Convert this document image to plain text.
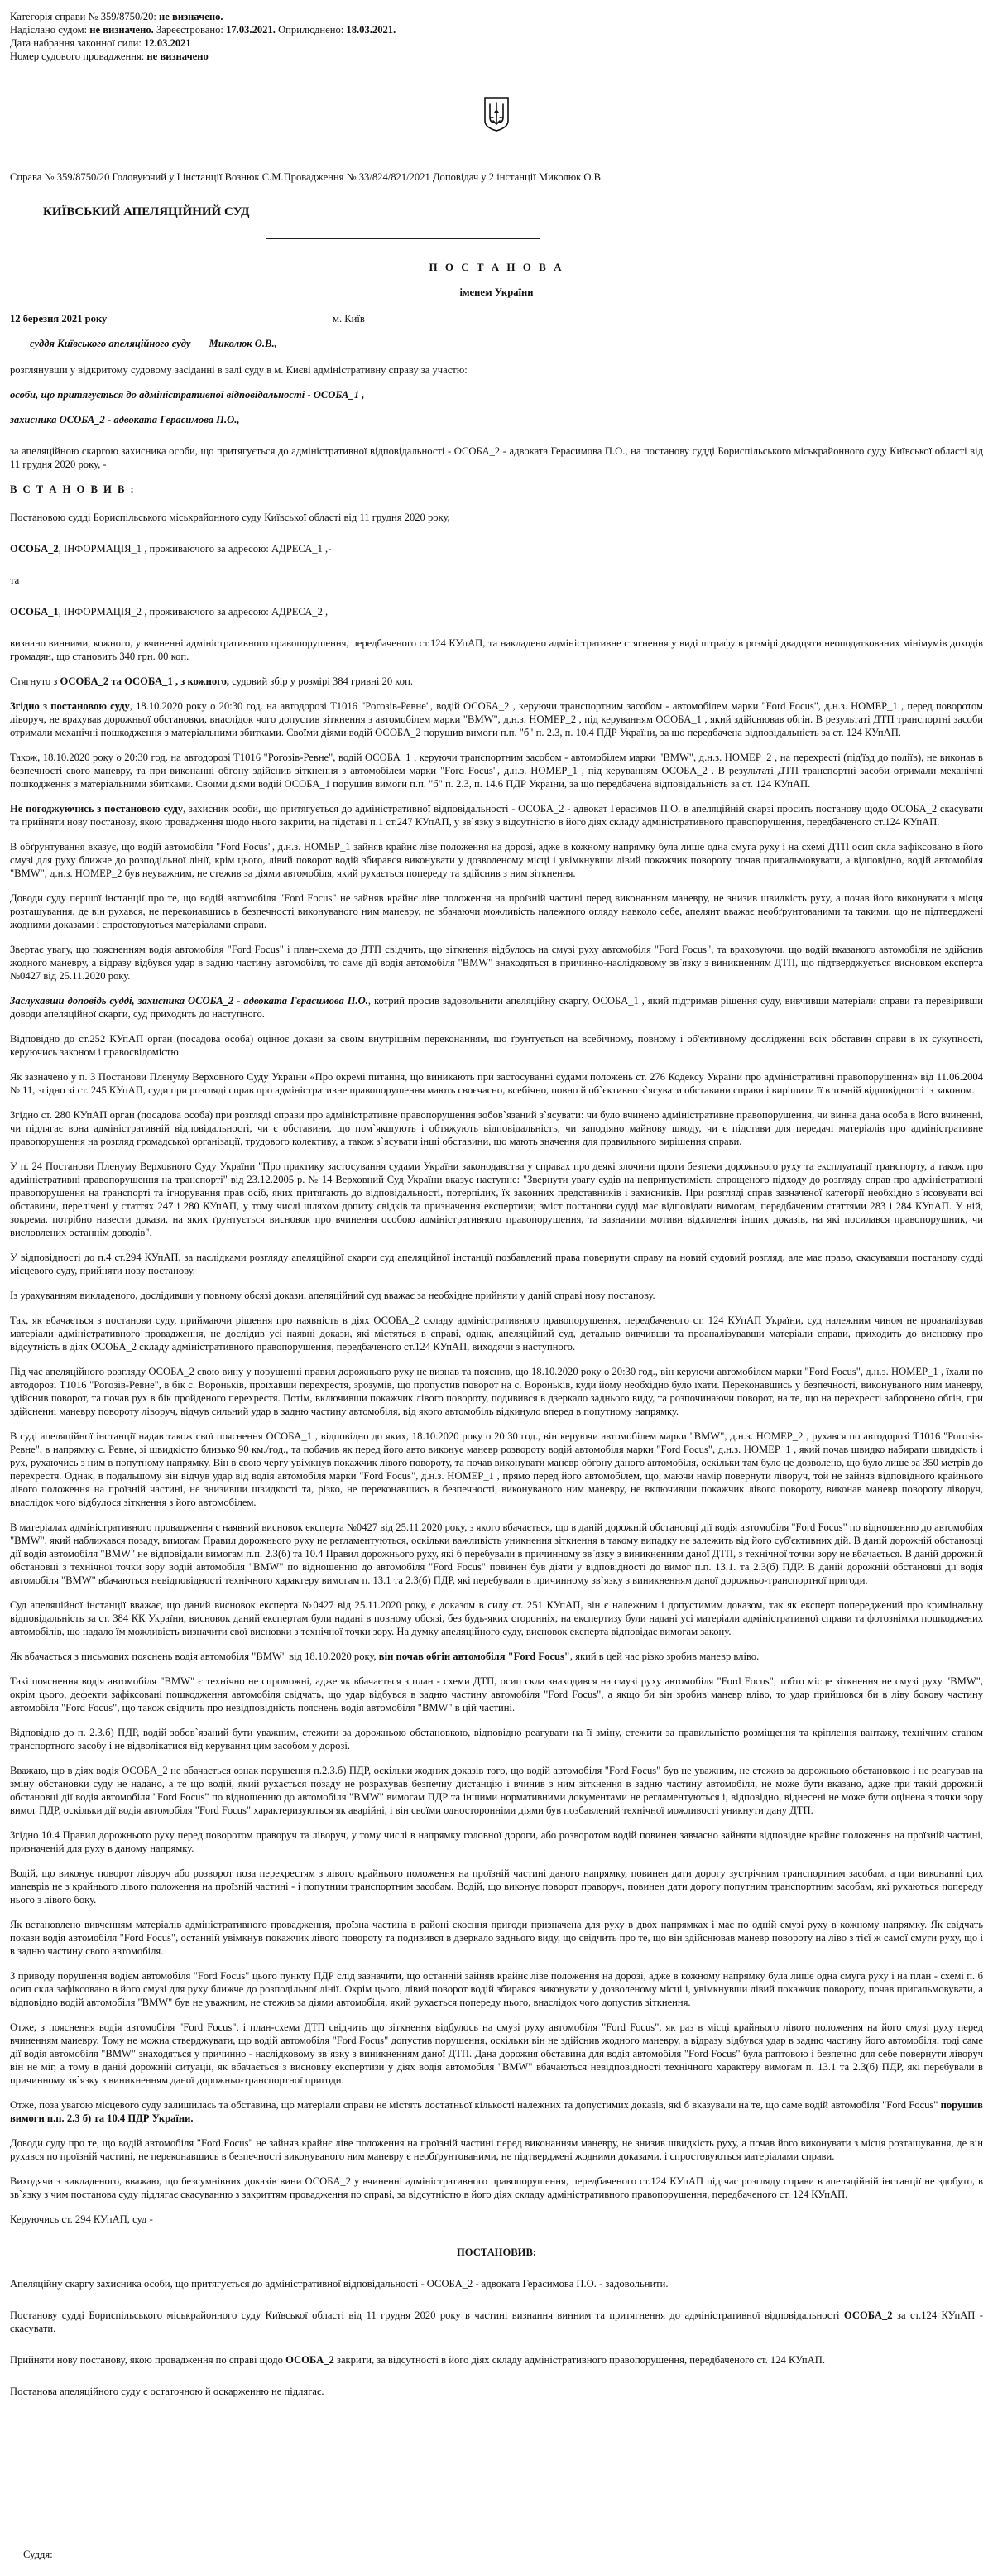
Категорія справи № 359/8750/20: не визначено.
Надіслано судом: не визначено. Зареєстровано: 17.03.2021. Оприлюднено: 18.03.2021.
Дата набрання законної сили: 12.03.2021
Номер судового провадження: не визначено
Справа № 359/8750/20 Головуючий у І інстанції Вознюк С.М.Провадження № 33/824/821/2021 Доповідач у 2 інстанції Миколюк О.В.
КИЇВСЬКИЙ АПЕЛЯЦІЙНИЙ СУД
П О С Т А Н О В А
іменем України
12 березня 2021 року	м. Київ
суддя Київського апеляційного суду Миколюк О.В.,

розглянувши у відкритому судовому засіданні в залі суду в м. Києві адміністративну справу за участю:

особи, що притягується до адміністративної відповідальності - ОСОБА_1 ,

захисника ОСОБА_2 - адвоката Герасимова П.О.,

за апеляційною скаргою захисника особи, що притягується до адміністративної відповідальності - ОСОБА_2 - адвоката Герасимова П.О., на постанову судді Бориспільського міськрайонного суду Київської області від 11 грудня 2020 року, -

В С Т А Н О В И В :

Постановою судді Бориспільського міськрайонного суду Київської області від 11 грудня 2020 року,

ОСОБА_2, ІНФОРМАЦІЯ_1 , проживаючого за адресою: АДРЕСА_1 ,-

та

ОСОБА_1, ІНФОРМАЦІЯ_2 , проживаючого за адресою: АДРЕСА_2 ,

визнано винними, кожного, у вчиненні адміністративного правопорушення, передбаченого ст.124 КУпАП, та накладено адміністративне стягнення у виді штрафу в розмірі двадцяти неоподаткованих мінімумів доходів громадян, що становить 340 грн. 00 коп.

Стягнуто з ОСОБА_2 та ОСОБА_1 , з кожного, судовий збір у розмірі 384 гривні 20 коп.

Згідно з постановою суду, 18.10.2020 року о 20:30 год. на автодорозі Т1016 "Рогозів-Ревне", водій ОСОБА_2 , керуючи транспортним засобом - автомобілем марки "Ford Focus", д.н.з. НОМЕР_1 , перед поворотом ліворуч, не врахував дорожньої обстановки, внаслідок чого допустив зіткнення з автомобілем марки "BMW", д.н.з. НОМЕР_2 , під керуванням ОСОБА_1 , який здійснював обгін. В результаті ДТП транспортні засоби отримали механічні пошкодження з матеріальними збитками. Своїми діями водій ОСОБА_2 порушив вимоги п.п. "б" п. 2.3, п. 10.4 ПДР України, за що передбачена відповідальність за ст. 124 КУпАП.

Також, 18.10.2020 року о 20:30 год. на автодорозі Т1016 "Рогозів-Ревне", водій ОСОБА_1 , керуючи транспортним засобом - автомобілем марки "BMW", д.н.з. НОМЕР_2 , на перехресті (під'їзд до поліїв), не виконав в безпечності свого маневру, та при виконанні обгону здійснив зіткнення з автомобілем марки "Ford Focus", д.н.з. НОМЕР_1 , під керуванням ОСОБА_2 . В результаті ДТП транспортні засоби отримали механічні пошкодження з матеріальними збитками. Своїми діями водій ОСОБА_1 порушив вимоги п.п. "б" п. 2.3, п. 14.6 ПДР України, за що передбачена відповідальність за ст. 124 КУпАП.

Не погоджуючись з постановою суду, захисник особи, що притягується до адміністративної відповідальності - ОСОБА_2 - адвокат Герасимов П.О. в апеляційній скарзі просить постанову щодо ОСОБА_2 скасувати та прийняти нову постанову, якою провадження щодо нього закрити, на підставі п.1 ст.247 КУпАП, у зв`язку з відсутністю в його діях складу адміністративного правопорушення, передбаченого ст.124 КУпАП.

В обґрунтування вказує, що водій автомобіля "Ford Focus", д.н.з. НОМЕР_1 зайняв крайнє ліве положення на дорозі, адже в кожному напрямку була лише одна смуга руху і на схемі ДТП осип скла зафіксовано в його смузі для руху ближче до розподільної лінії, крім цього, лівий поворот водій збирався виконувати у дозволеному місці і увімкнувши лівий покажчик повороту почав пригальмовувати, а відповідно, водій автомобіля "BMW", д.н.з. НОМЕР_2 був неуважним, не стежив за діями автомобіля, який рухається попереду та здійснив з ним зіткнення.

Доводи суду першої інстанції про те, що водій автомобіля "Ford Focus" не зайняв крайнє ліве положення на проїзній частині перед виконанням маневру, не знизив швидкість руху, а почав його виконувати з місця розташування, де він рухався, не переконавшись в безпечності виконуваного ним маневру, не вбачаючи можливість належного огляду навколо себе, апелянт вважає необґрунтованими та такими, що не підтверджені жодними доказами і спростовуються матеріалами справи.

Звертає увагу, що поясненням водія автомобіля "Ford Focus" і план-схема до ДТП свідчить, що зіткнення відбулось на смузі руху автомобіля "Ford Focus", та враховуючи, що водій вказаного автомобіля не здійснив жодного маневру, а відразу відбувся удар в задню частину автомобіля, то саме дії водія автомобіля "BMW" знаходяться в причинно-наслідковому зв`язку з виникненням ДТП, що підтверджується висновком експерта №0427 від 25.11.2020 року.

Заслухавши доповідь судді, захисника ОСОБА_2 - адвоката Герасимова П.О., котрий просив задовольнити апеляційну скаргу, ОСОБА_1 , який підтримав рішення суду, вивчивши матеріали справи та перевіривши доводи апеляційної скарги, суд приходить до наступного.

Відповідно до ст.252 КУпАП орган (посадова особа) оцінює докази за своїм внутрішнім переконанням, що ґрунтується на всебічному, повному і об'єктивному дослідженні всіх обставин справи в їх сукупності, керуючись законом і правосвідомістю.

Як зазначено у п. 3 Постанови Пленуму Верховного Суду України «Про окремі питання, що виникають при застосуванні судами положень ст. 276 Кодексу України про адміністративні правопорушення» від 11.06.2004 № 11, згідно зі ст. 245 КУпАП, суди при розгляді справ про адміністративне правопорушення мають своєчасно, всебічно, повно й об`єктивно з`ясувати обставини справи і вирішити її в точній відповідності із законом.

Згідно ст. 280 КУпАП орган (посадова особа) при розгляді справи про адміністративне правопорушення зобов`язаний з`ясувати: чи було вчинено адміністративне правопорушення, чи винна дана особа в його вчиненні, чи підлягає вона адміністративній відповідальності, чи є обставини, що пом`якшують і обтяжують відповідальність, чи заподіяно майнову шкоду, чи є підстави для передачі матеріалів про адміністративне правопорушення на розгляд громадської організації, трудового колективу, а також з`ясувати інші обставини, що мають значення для правильного вирішення справи.

У п. 24 Постанови Пленуму Верховного Суду України "Про практику застосування судами України законодавства у справах про деякі злочини проти безпеки дорожнього руху та експлуатації транспорту, а також про адміністративні правопорушення на транспорті" від 23.12.2005 р. № 14 Верховний Суд України вказує наступне: "Звернути увагу судів на неприпустимість спрощеного підходу до розгляду справ про адміністративні правопорушення на транспорті та ігнорування прав осіб, яких притягають до відповідальності, потерпілих, їх законних представників і захисників. При розгляді справ зазначеної категорії необхідно з`ясовувати всі обставини, перелічені у статтях 247 і 280 КУпАП, у тому числі шляхом допиту свідків та призначення експертизи; зміст постанови судді має відповідати вимогам, передбаченим статтями 283 і 284 КУпАП. У ній, зокрема, потрібно навести докази, на яких ґрунтується висновок про вчинення особою адміністративного правопорушення, та зазначити мотиви відхилення інших доказів, на які посилався правопорушник, чи висловлених останнім доводів".

У відповідності до п.4 ст.294 КУпАП, за наслідками розгляду апеляційної скарги суд апеляційної інстанції позбавлений права повернути справу на новий судовий розгляд, але має право, скасувавши постанову судді місцевого суду, прийняти нову постанову.

Із урахуванням викладеного, дослідивши у повному обсязі докази, апеляційний суд вважає за необхідне прийняти у даній справі нову постанову.

Так, як вбачається з постанови суду, приймаючи рішення про наявність в діях ОСОБА_2 складу адміністративного правопорушення, передбаченого ст. 124 КУпАП України, суд належним чином не проаналізував матеріали адміністративного провадження, не дослідив усі наявні докази, які містяться в справі, однак, апеляційний суд, детально вивчивши та проаналізувавши матеріали справи, приходить до висновку про відсутність в діях ОСОБА_2 складу адміністративного правопорушення, передбаченого ст.124 КУпАП, виходячи з наступного.

Під час апеляційного розгляду ОСОБА_2 свою вину у порушенні правил дорожнього руху не визнав та пояснив, що 18.10.2020 року о 20:30 год., він керуючи автомобілем марки "Ford Focus", д.н.з. НОМЕР_1 , їхали по автодорозі Т1016 "Рогозів-Ревне", в бік с. Вороньків, проїхавши перехрестя, зрозумів, що пропустив поворот на с. Вороньків, куди йому необхідно було їхати. Переконавшись у безпечності, виконуваного ним маневру, здійснив поворот, та почав рух в бік пройденого перехрестя. Потім, включивши покажчик лівого повороту, подивився в дзеркало заднього виду, та розпочинаючи поворот, на те, що на перехресті заборонено обгін, при здійсненні маневру повороту ліворуч, відчув сильний удар в задню частину автомобіля, від якого автомобіль відкинуло вперед в попутному напрямку.

В суді апеляційної інстанції надав також свої пояснення ОСОБА_1 , відповідно до яких, 18.10.2020 року о 20:30 год., він керуючи автомобілем марки "BMW", д.н.з. НОМЕР_2 , рухався по автодорозі Т1016 "Рогозів-Ревне", в напрямку с. Ревне, зі швидкістю близько 90 км./год., та побачив як перед його авто виконує маневр розвороту водій автомобіля марки "Ford Focus", д.н.з. НОМЕР_1 , який почав швидко набирати швидкість і рух, рухаючись з ним в попутному напрямку. Він в свою чергу увімкнув покажчик лівого повороту, та почав виконувати маневр обгону даного автомобіля, оскільки там було це дозволено, що було лише за 350 метрів до перехрестя. Однак, в подальшому він відчув удар від водія автомобіля марки "Ford Focus", д.н.з. НОМЕР_1 , прямо перед його автомобілем, що, маючи намір повернути ліворуч, той не зайняв відповідного крайнього лівого положення на проїзній частині, не знизивши швидкості та, різко, не переконавшись в безпечності, виконуваного ним маневру, не включивши покажчик лівого повороту, виконав маневр повороту ліворуч, внаслідок чого відбулося зіткнення з його автомобілем.

В матеріалах адміністративного провадження є наявний висновок експерта №0427 від 25.11.2020 року, з якого вбачається, що в даній дорожній обстановці дії водія автомобіля "Ford Focus" по відношенню до автомобіля "BMW", який наближався позаду, вимогам Правил дорожнього руху не регламентуються, оскільки важливість уникнення зіткнення в такому випадку не залежить від його суб'єктивних дій. В даній дорожній обстановці дії водія автомобіля "BMW" не відповідали вимогам п.п. 2.3(б) та 10.4 Правил дорожнього руху, які б перебували в причинному зв`язку з виникненням даної ДТП, з технічної точки зору не вбачається. В даній дорожній обстановці з технічної точки зору водій автомобіля "BMW" по відношенню до автомобіля "Ford Focus" повинен був діяти у відповідності до вимог п.п. 13.1. та 2.3(б) ПДР. В даній дорожній обстановці дії водія автомобіля "BMW" вбачаються невідповідності технічного характеру вимогам п. 13.1 та 2.3(б) ПДР, які перебували в причинному зв`язку з виникненням даної дорожньо-транспортної пригоди.

Суд апеляційної інстанції вважає, що даний висновок експерта №0427 від 25.11.2020 року, є доказом в силу ст. 251 КУпАП, він є належним і допустимим доказом, так як експерт попереджений про кримінальну відповідальність за ст. 384 КК України, висновок даний експертам були надані в повному обсязі, без будь-яких сторонніх, на експертизу були надані усі матеріали адміністративної справи та фотознімки пошкоджених автомобілів, що надало їм можливість визначити свої висновки з технічної точки зору. На думку апеляційного суду, висновок експерта відповідає вимогам закону.

Як вбачається з письмових пояснень водія автомобіля "BMW" від 18.10.2020 року, він почав обгін автомобіля "Ford Focus", який в цей час різко зробив маневр вліво.

Такі пояснення водія автомобіля "BMW" є технічно не спроможні, адже як вбачається з план - схеми ДТП, осип скла знаходився на смузі руху автомобіля "Ford Focus", тобто місце зіткнення не смузі руху "BMW", окрім цього, дефекти зафіксовані пошкодження автомобіля свідчать, що удар відбувся в задню частину автомобіля "Ford Focus", а якщо би він зробив маневр вліво, то удар прийшовся би в ліву бокову частину автомобіля "Ford Focus", що також свідчить про невідповідність пояснень водія автомобіля "BMW" в цій частині.

Відповідно до п. 2.3.б) ПДР, водій зобов`язаний бути уважним, стежити за дорожньою обстановкою, відповідно реагувати на її зміну, стежити за правильністю розміщення та кріплення вантажу, технічним станом транспортного засобу і не відволікатися від керування цим засобом у дорозі.

Вважаю, що в діях водія ОСОБА_2 не вбачається ознак порушення п.2.3.б) ПДР, оскільки жодних доказів того, що водій автомобіля "Ford Focus" був не уважним, не стежив за дорожньою обстановкою і не реагував на зміну обстановки суду не надано, а те що водій, який рухається позаду не розрахував безпечну дистанцію і вчинив з ним зіткнення в задню частину автомобіля, не може бути вказано, адже при такій дорожній обстановці дії водія автомобіля "Ford Focus" по відношенню до автомобіля "BMW" вимогам ПДР та іншими нормативними документами не регламентуються і, відповідно, віднесені не може бути оцінена з точки зору вимог ПДР, оскільки дії водія автомобіля "Ford Focus" характеризуються як аварійні, і він своїми односторонніми діями був позбавлений технічної можливості уникнути дану ДТП.

Згідно 10.4 Правил дорожнього руху перед поворотом праворуч та ліворуч, у тому числі в напрямку головної дороги, або розворотом водій повинен завчасно зайняти відповідне крайнє положення на проїзній частині, призначеній для руху в даному напрямку.

Водій, що виконує поворот ліворуч або розворот поза перехрестям з лівого крайнього положення на проїзній частині даного напрямку, повинен дати дорогу зустрічним транспортним засобам, а при виконанні цих маневрів не з крайнього лівого положення на проїзній частині - і попутним транспортним засобам. Водій, що виконує поворот праворуч, повинен дати дорогу попутним транспортним засобам, які рухаються попереду нього з лівого боку.

Як встановлено вивченням матеріалів адміністративного провадження, проїзна частина в районі скоєння пригоди призначена для руху в двох напрямках і має по одній смузі руху в кожному напрямку. Як свідчать покази водія автомобіля "Ford Focus", останній увімкнув покажчик лівого повороту та подивився в дзеркало заднього виду, що свідчить про те, що він здійснював маневр повороту на ліво з тієї ж самої смуги руху, що і в задню частину свого автомобіля.

З приводу порушення водієм автомобіля "Ford Focus" цього пункту ПДР слід зазначити, що останній зайняв крайнє ліве положення на дорозі, адже в кожному напрямку була лише одна смуга руху і на план - схемі п. б осип скла зафіксовано в його смузі для руху ближче до розподільної лінії. Окрім цього, лівий поворот водій збирався виконувати у дозволеному місці і, увімкнувши лівий покажчик повороту, почав пригальмовувати, а відповідно водій автомобіля "BMW" був не уважним, не стежив за діями автомобіля, який рухається попереду нього, внаслідок чого допустив зіткнення.

Отже, з пояснення водія автомобіля "Ford Focus", і план-схема ДТП свідчить що зіткнення відбулось на смузі руху автомобіля "Ford Focus", як раз в місці крайнього лівого положення на його смузі руху перед вчиненням маневру. Тому не можна стверджувати, що водій автомобіля "Ford Focus" допустив порушення, оскільки він не здійснив жодного маневру, а відразу відбувся удар в задню частину його автомобіля, тоді саме дії водія автомобіля "BMW" знаходяться у причинно - наслідковому зв`язку з виникненням даної ДТП. Дана дорожня обставина для водія автомобіля "Ford Focus" була раптовою і безпечно для себе повернути ліворуч він не міг, а тому в даній дорожній ситуації, як вбачається з висновку експертизи у діях водія автомобіля "BMW" вбачаються невідповідності технічного характеру вимогам п. 13.1 та 2.3(б) ПДР, які перебували в причинному зв`язку з виникненням даної дорожньо-транспортної пригоди.

Отже, поза увагою місцевого суду залишилась та обставина, що матеріали справи не містять достатньої кількості належних та допустимих доказів, які б вказували на те, що саме водій автомобіля "Ford Focus" порушив вимоги п.п. 2.3 б) та 10.4 ПДР України.

Доводи суду про те, що водій автомобіля "Ford Focus" не зайняв крайнє ліве положення на проїзній частині перед виконанням маневру, не знизив швидкість руху, а почав його виконувати з місця розташування, де він рухався по проїзній частині, не переконавшись в безпечності виконуваного ним маневру є необґрунтованими, не підтверджені жодними доказами, і спростовуються матеріалами справи.

Виходячи з викладеного, вважаю, що безсумнівних доказів вини ОСОБА_2 у вчиненні адміністративного правопорушення, передбаченого ст.124 КУпАП під час розгляду справи в апеляційній інстанції не здобуто, в зв`язку з чим постанова суду підлягає скасуванню з закриттям провадження по справі, за відсутністю в його діях складу адміністративного правопорушення, передбаченого ст. 124 КУпАП.

Керуючись ст. 294 КУпАП, суд -

ПОСТАНОВИВ:

Апеляційну скаргу захисника особи, що притягується до адміністративної відповідальності - ОСОБА_2 - адвоката Герасимова П.О. - задовольнити.

Постанову судді Бориспільського міськрайонного суду Київської області від 11 грудня 2020 року в частині визнання винним та притягнення до адміністративної відповідальності ОСОБА_2 за ст.124 КУпАП - скасувати.

Прийняти нову постанову, якою провадження по справі щодо ОСОБА_2 закрити, за відсутності в його діях складу адміністративного правопорушення, передбаченого ст. 124 КУпАП.

Постанова апеляційного суду є остаточною й оскарженню не підлягає.

Суддя:
